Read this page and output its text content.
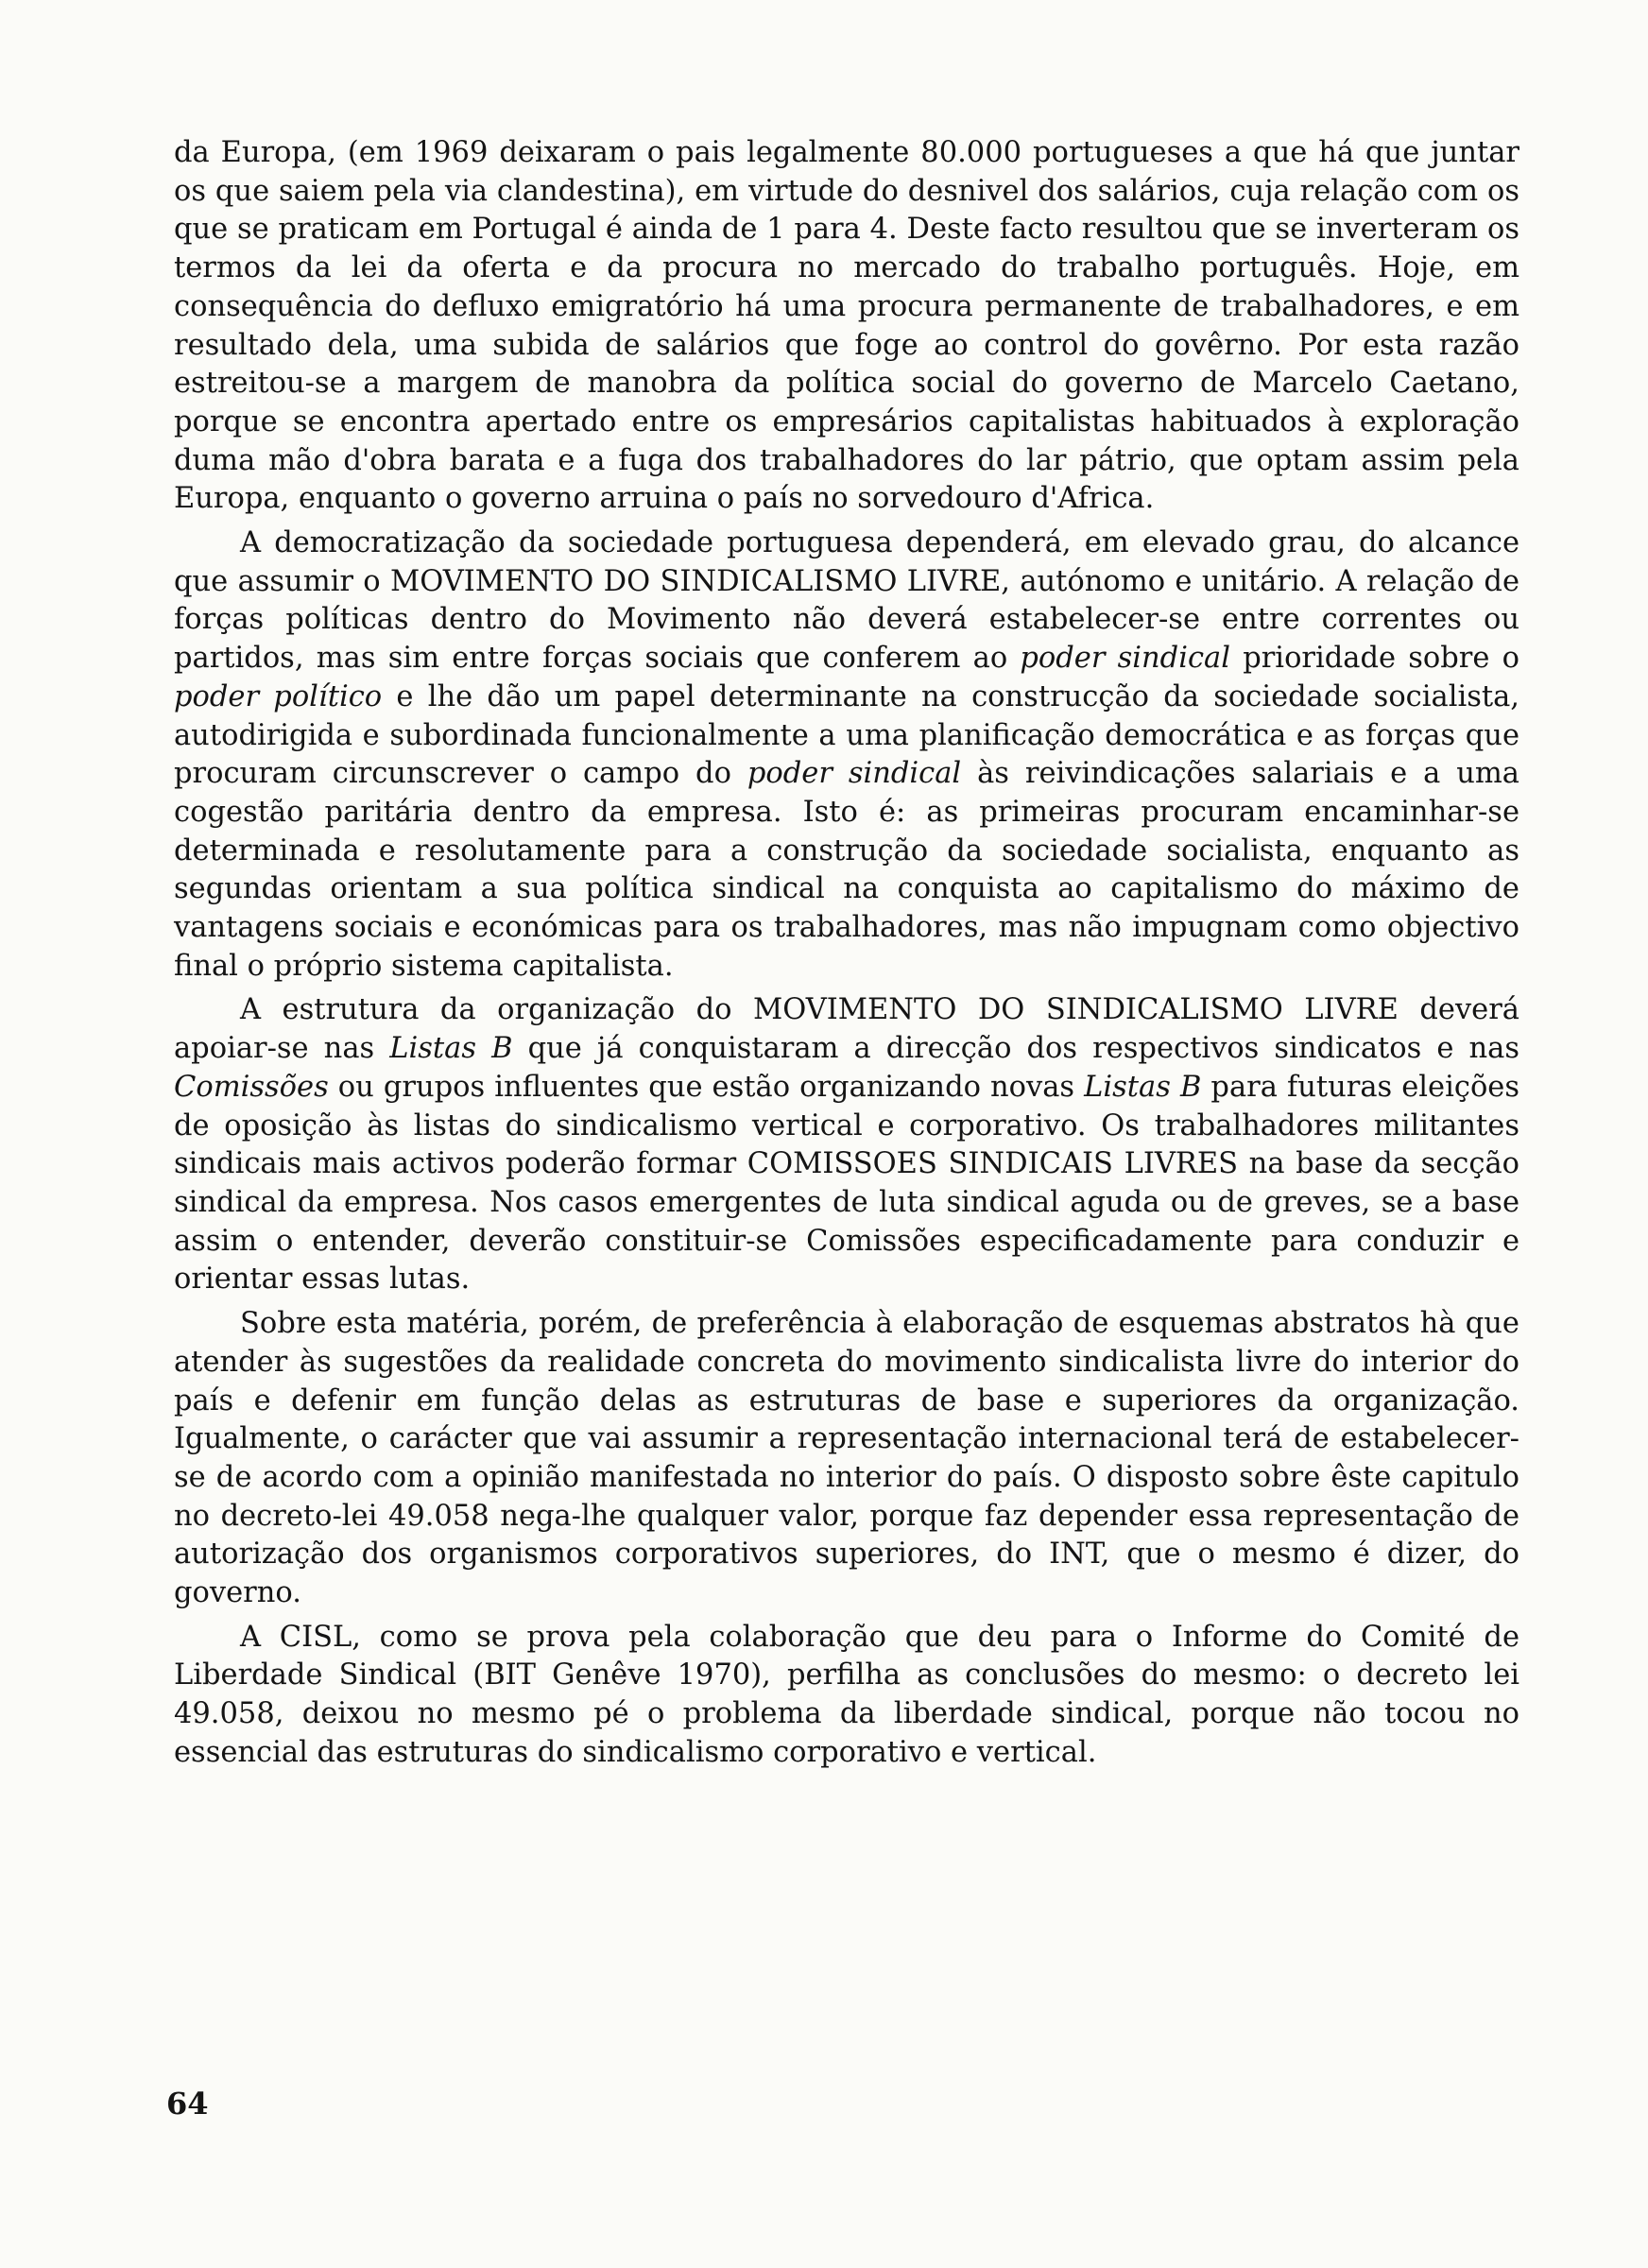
da Europa, (em 1969 deixaram o pais legalmente 80.000 portugueses a que há que juntar os que saiem pela via clandestina), em virtude do desnivel dos salários, cuja relação com os que se praticam em Portugal é ainda de 1 para 4. Deste facto resultou que se inverteram os termos da lei da oferta e da procura no mercado do trabalho português. Hoje, em consequência do defluxo emigratório há uma procura permanente de trabalhadores, e em resultado dela, uma subida de salários que foge ao control do govêrno. Por esta razão estreitou-se a margem de manobra da política social do governo de Marcelo Caetano, porque se encontra apertado entre os empresários capitalistas habituados à exploração duma mão d'obra barata e a fuga dos trabalhadores do lar pátrio, que optam assim pela Europa, enquanto o governo arruina o país no sorvedouro d'Africa.

A democratização da sociedade portuguesa dependerá, em elevado grau, do alcance que assumir o MOVIMENTO DO SINDICALISMO LIVRE, autónomo e unitário. A relação de forças políticas dentro do Movimento não deverá estabelecer-se entre correntes ou partidos, mas sim entre forças sociais que conferem ao poder sindical prioridade sobre o poder político e lhe dão um papel determinante na construcção da sociedade socialista, autodirigida e subordinada funcionalmente a uma planificação democrática e as forças que procuram circunscrever o campo do poder sindical às reivindicações salariais e a uma cogestão paritária dentro da empresa. Isto é: as primeiras procuram encaminhar-se determinada e resolutamente para a construção da sociedade socialista, enquanto as segundas orientam a sua política sindical na conquista ao capitalismo do máximo de vantagens sociais e económicas para os trabalhadores, mas não impugnam como objectivo final o próprio sistema capitalista.

A estrutura da organização do MOVIMENTO DO SINDICALISMO LIVRE deverá apoiar-se nas Listas B que já conquistaram a direcção dos respectivos sindicatos e nas Comissões ou grupos influentes que estão organizando novas Listas B para futuras eleições de oposição às listas do sindicalismo vertical e corporativo. Os trabalhadores militantes sindicais mais activos poderão formar COMISSOES SINDICAIS LIVRES na base da secção sindical da empresa. Nos casos emergentes de luta sindical aguda ou de greves, se a base assim o entender, deverão constituir-se Comissões especificadamente para conduzir e orientar essas lutas.

Sobre esta matéria, porém, de preferência à elaboração de esquemas abstratos hà que atender às sugestões da realidade concreta do movimento sindicalista livre do interior do país e defenir em função delas as estruturas de base e superiores da organização. Igualmente, o carácter que vai assumir a representação internacional terá de estabelecer-se de acordo com a opinião manifestada no interior do país. O disposto sobre êste capitulo no decreto-lei 49.058 nega-lhe qualquer valor, porque faz depender essa representação de autorização dos organismos corporativos superiores, do INT, que o mesmo é dizer, do governo.

A CISL, como se prova pela colaboração que deu para o Informe do Comité de Liberdade Sindical (BIT Genêve 1970), perfilha as conclusões do mesmo: o decreto lei 49.058, deixou no mesmo pé o problema da liberdade sindical, porque não tocou no essencial das estruturas do sindicalismo corporativo e vertical.

64
